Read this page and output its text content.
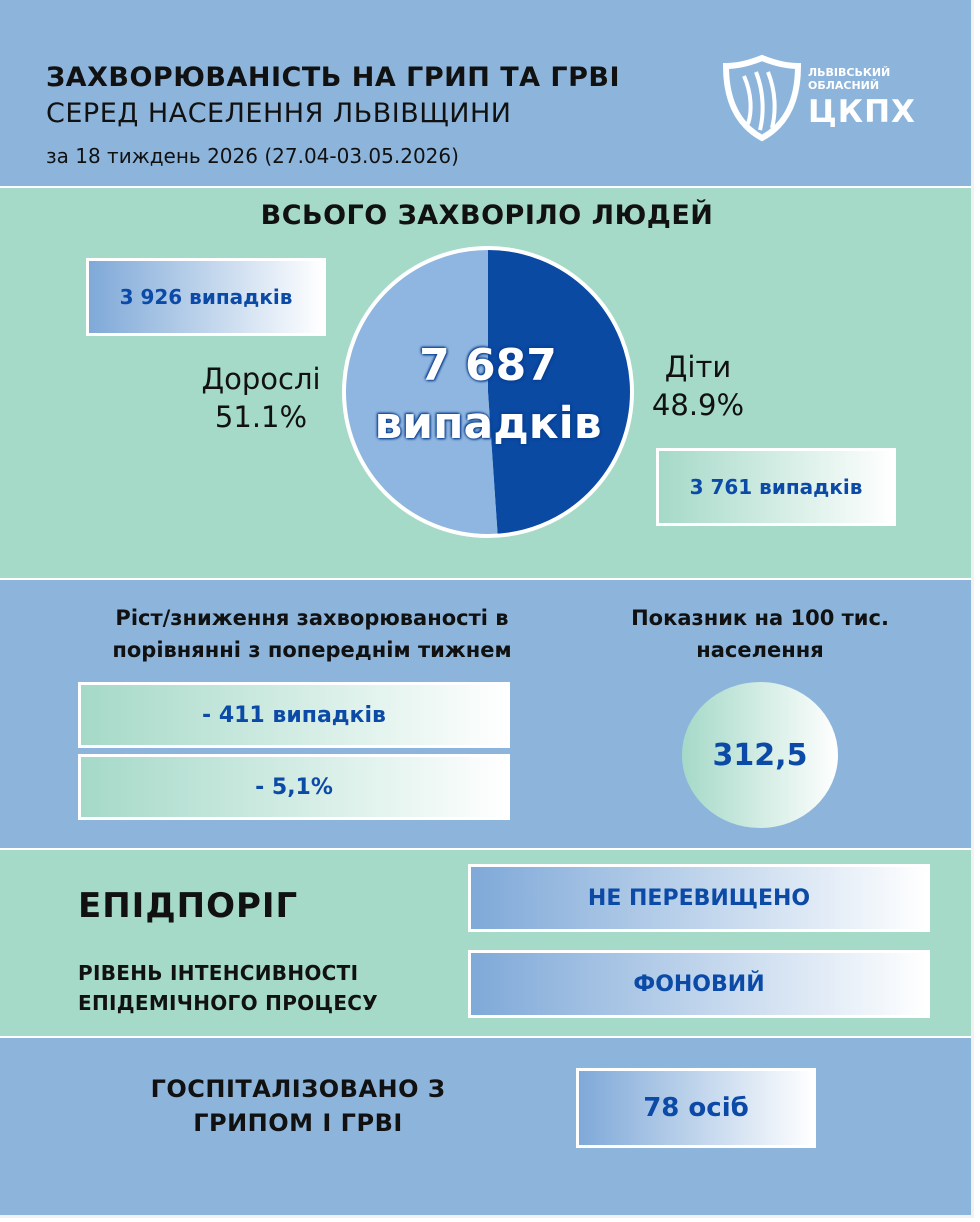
ЗАХВОРЮВАНІСТЬ НА ГРИП ТА ГРВІ
СЕРЕД НАСЕЛЕННЯ ЛЬВІВЩИНИ
за 18 тиждень 2026 (27.04-03.05.2026)
ЛЬВІВСЬКИЙ ОБЛАСНИЙ
ЦКПХ
ВСЬОГО ЗАХВОРІЛО ЛЮДЕЙ
3 926 випадків
Дорослі
51.1%
7 687
випадків
Діти
48.9%
3 761 випадків
Ріст/зниження захворюваності в порівнянні з попереднім тижнем
Показник на 100 тис. населення
- 411 випадків
- 5,1%
312,5
ЕПІДПОРІГ
РІВЕНЬ ІНТЕНСИВНОСТІ ЕПІДЕМІЧНОГО ПРОЦЕСУ
НЕ ПЕРЕВИЩЕНО
ФОНОВИЙ
ГОСПІТАЛІЗОВАНО З ГРИПОМ І ГРВІ	78 осіб
